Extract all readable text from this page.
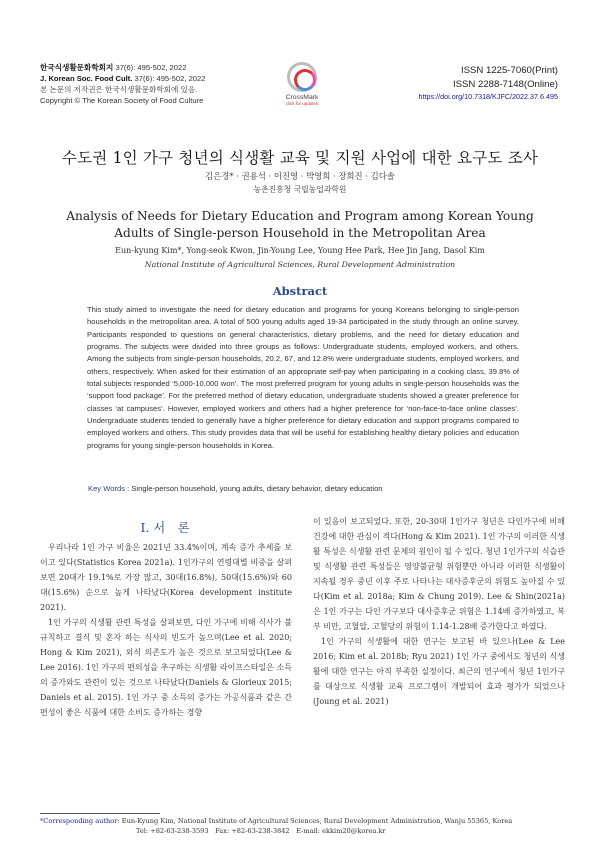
한국식생활문화학회지 37(6): 495-502, 2022
J. Korean Soc. Food Cult. 37(6): 495-502, 2022
본 논문의 저작권은 한국식생활문화학회에 있음.
Copyright © The Korean Society of Food Culture	CrossMark
click for updates
ISSN 1225-7060(Print)
ISSN 2288-7148(Online)
https://doi.org/10.7318/KJFC/2022.37.6.495
수도권 1인 가구 청년의 식생활 교육 및 지원 사업에 대한 요구도 조사
김은경* · 권용석 · 이진영 · 박영희 · 장희진 · 김다솔
농촌진흥청 국립농업과학원
Analysis of Needs for Dietary Education and Program among Korean Young Adults of Single-person Household in the Metropolitan Area
Eun-kyung Kim*, Yong-seok Kwon, Jin-Young Lee, Young Hee Park, Hee Jin Jang, Dasol Kim
National Institute of Agricultural Sciences, Rural Development Administration
Abstract
This study aimed to investigate the need for dietary education and programs for young Koreans belonging to single-person households in the metropolitan area. A total of 500 young adults aged 19-34 participated in the study through an online survey. Participants responded to questions on general characteristics, dietary problems, and the need for dietary education and programs. The subjects were divided into three groups as follows: Undergraduate students, employed workers, and others. Among the subjects from single-person households, 20.2, 67, and 12.8% were undergraduate students, employed workers, and others, respectively. When asked for their estimation of an appropriate self-pay when participating in a cooking class, 39.8% of total subjects responded ‘5,000-10,000 won’. The most preferred program for young adults in single-person households was the ‘support food package’. For the preferred method of dietary education, undergraduate students showed a greater preference for classes ‘at campuses’. However, employed workers and others had a higher preference for ‘non-face-to-face online classes’. Undergraduate students tended to generally have a higher preference for dietary education and support programs compared to employed workers and others. This study provides data that will be useful for establishing healthy dietary policies and education programs for young single-person households in Korea.
Key Words : Single-person household, young adults, dietary behavior, dietary education
Ⅰ. 서　론

우리나라 1인 가구 비율은 2021년 33.4%이며, 계속 증가 추세를 보이고 있다(Statistics Korea 2021a). 1인가구의 연령대별 비중을 살펴보면 20대가 19.1%로 가장 많고, 30대(16.8%), 50대(15.6%)와 60대(15.6%) 순으로 높게 나타났다(Korea development institute 2021).

1인 가구의 식생활 관련 특성을 살펴보면, 다인 가구에 비해 식사가 불규칙하고 결식 및 혼자 하는 식사의 빈도가 높으며(Lee et al. 2020; Hong & Kim 2021), 외식 의존도가 높은 것으로 보고되었다(Lee & Lee 2016). 1인 가구의 편의성을 추구하는 식생활 라이프스타일은 소득의 증가와도 관련이 있는 것으로 나타났다(Daniels & Glorieux 2015; Daniels et al. 2015). 1인 가구 중 소득의 증가는 가공식품과 같은 간편성이 좋은 식품에 대한 소비도 증가하는 경향

이 있음이 보고되었다. 또한, 20-30대 1인가구 청년은 다인가구에 비해 건강에 대한 관심이 적다(Hong & Kim 2021). 1인 가구의 이러한 식생활 특성은 식생활 관련 문제의 원인이 될 수 있다. 청년 1인가구의 식습관 및 식생활 관련 특성들은 영양불균형 위험뿐만 아니라 이러한 식생활이 지속될 경우 중년 이후 주로 나타나는 대사증후군의 위험도 높아질 수 있다(Kim et al. 2018a; Kim & Chung 2019). Lee & Shin(2021a)은 1인 가구는 다인 가구보다 대사증후군 위험은 1.14배 증가하였고, 복부 비만, 고혈압, 고혈당의 위험이 1.14-1.28배 증가한다고 하였다.

1인 가구의 식생활에 대한 연구는 보고된 바 있으나(Lee & Lee 2016; Kim et al. 2018b; Ryu 2021) 1인 가구 중에서도 청년의 식생활에 대한 연구는 아직 부족한 실정이다. 최근의 연구에서 청년 1인가구를 대상으로 식생활 교육 프로그램이 개발되어 효과 평가가 되었으나(Joung et al. 2021)

*Corresponding author: Eun-Kyung Kim, National Institute of Agricultural Sciences, Rural Development Administration, Wanju 55365, Korea
Tel: +82-63-238-3593　Fax: +82-63-238-3842　E-mail: ekkim20@korea.kr
